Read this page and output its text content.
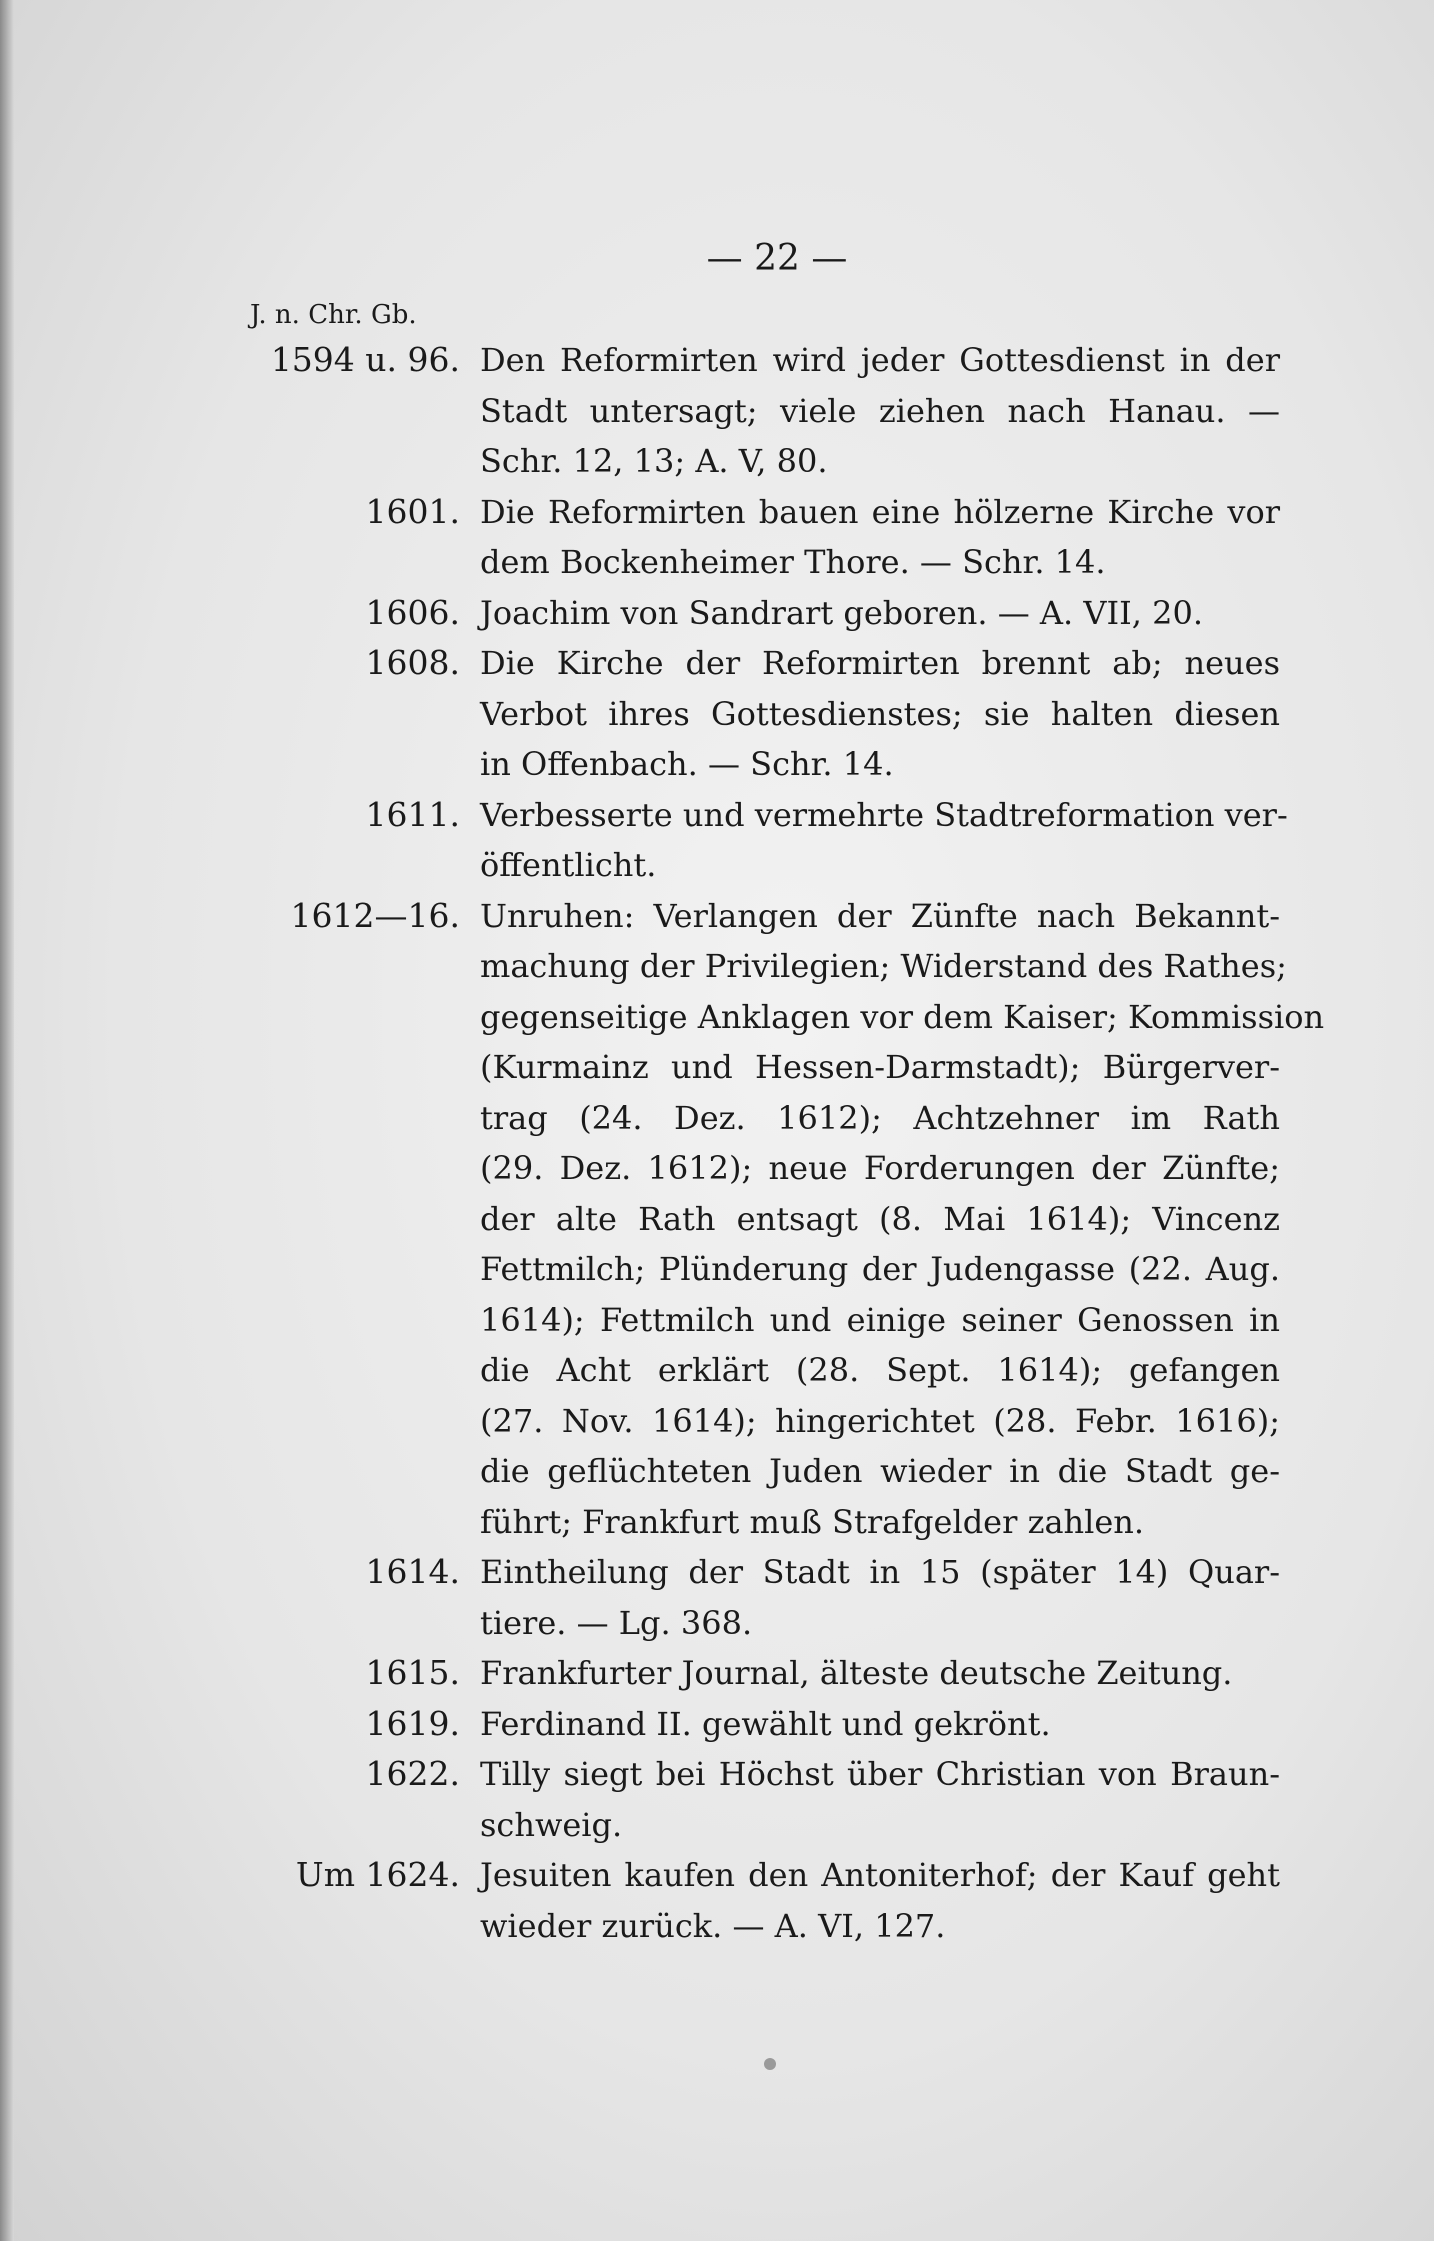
— 22 —
J. n. Chr. Gb.
1594 u. 96. Den Reformirten wird jeder Gottesdienst in der
Stadt untersagt; viele ziehen nach Hanau. —
Schr. 12, 13; A. V, 80.
1601. Die Reformirten bauen eine hölzerne Kirche vor
dem Bockenheimer Thore. — Schr. 14.
1606. Joachim von Sandrart geboren. — A. VII, 20.
1608. Die Kirche der Reformirten brennt ab; neues
Verbot ihres Gottesdienstes; sie halten diesen
in Offenbach. — Schr. 14.
1611. Verbesserte und vermehrte Stadtreformation ver-
öffentlicht.
1612—16. Unruhen: Verlangen der Zünfte nach Bekannt-
machung der Privilegien; Widerstand des Rathes;
gegenseitige Anklagen vor dem Kaiser; Kommission
(Kurmainz und Hessen-Darmstadt); Bürgerver-
trag (24. Dez. 1612); Achtzehner im Rath
(29. Dez. 1612); neue Forderungen der Zünfte;
der alte Rath entsagt (8. Mai 1614); Vincenz
Fettmilch; Plünderung der Judengasse (22. Aug.
1614); Fettmilch und einige seiner Genossen in
die Acht erklärt (28. Sept. 1614); gefangen
(27. Nov. 1614); hingerichtet (28. Febr. 1616);
die geflüchteten Juden wieder in die Stadt ge-
führt; Frankfurt muß Strafgelder zahlen.
1614. Eintheilung der Stadt in 15 (später 14) Quar-
tiere. — Lg. 368.
1615. Frankfurter Journal, älteste deutsche Zeitung.
1619. Ferdinand II. gewählt und gekrönt.
1622. Tilly siegt bei Höchst über Christian von Braun-
schweig.
Um 1624. Jesuiten kaufen den Antoniterhof; der Kauf geht
wieder zurück. — A. VI, 127.
